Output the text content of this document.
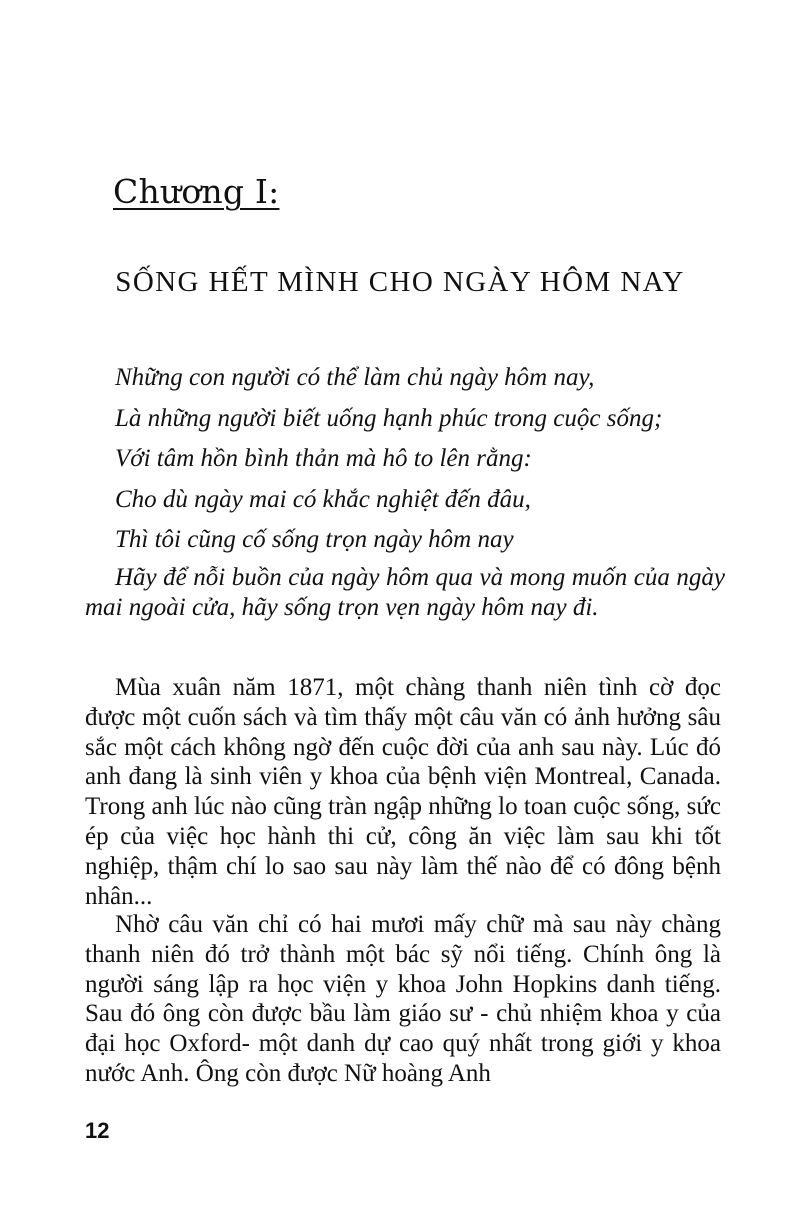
Chương I:
SỐNG HẾT MÌNH CHO NGÀY HÔM NAY
Những con người có thể làm chủ ngày hôm nay,
Là những người biết uống hạnh phúc trong cuộc sống;
Với tâm hồn bình thản mà hô to lên rằng:
Cho dù ngày mai có khắc nghiệt đến đâu,
Thì tôi cũng cố sống trọn ngày hôm nay
Hãy để nỗi buồn của ngày hôm qua và mong muốn của ngày mai ngoài cửa, hãy sống trọn vẹn ngày hôm nay đi.

Mùa xuân năm 1871, một chàng thanh niên tình cờ đọc được một cuốn sách và tìm thấy một câu văn có ảnh hưởng sâu sắc một cách không ngờ đến cuộc đời của anh sau này. Lúc đó anh đang là sinh viên y khoa của bệnh viện Montreal, Canada. Trong anh lúc nào cũng tràn ngập những lo toan cuộc sống, sức ép của việc học hành thi cử, công ăn việc làm sau khi tốt nghiệp, thậm chí lo sao sau này làm thế nào để có đông bệnh nhân...

Nhờ câu văn chỉ có hai mươi mấy chữ mà sau này chàng thanh niên đó trở thành một bác sỹ nổi tiếng. Chính ông là người sáng lập ra học viện y khoa John Hopkins danh tiếng. Sau đó ông còn được bầu làm giáo sư - chủ nhiệm khoa y của đại học Oxford- một danh dự cao quý nhất trong giới y khoa nước Anh. Ông còn được Nữ hoàng Anh

12
